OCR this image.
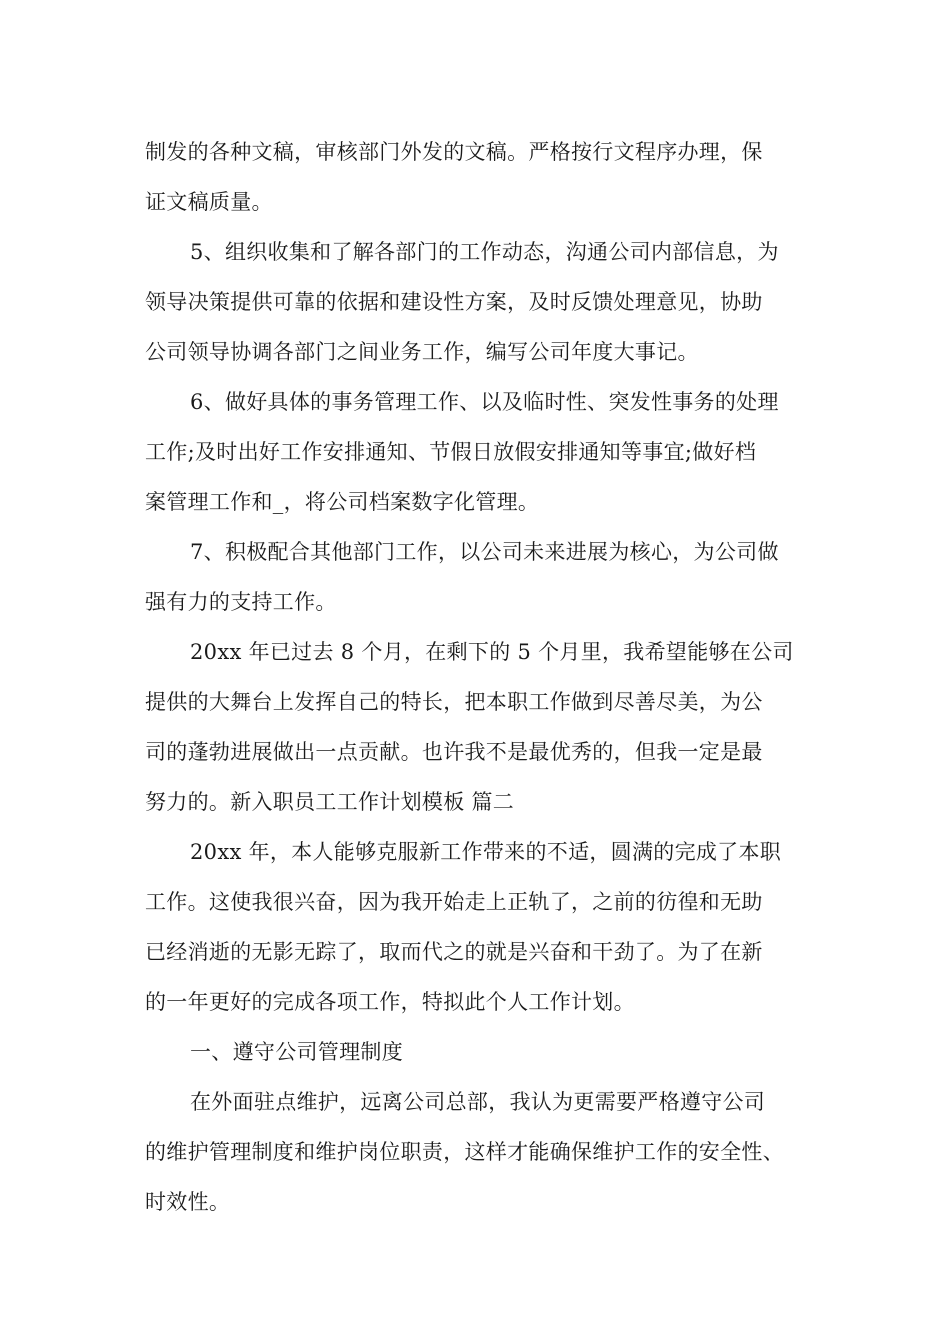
制发的各种文稿，审核部门外发的文稿。严格按行文程序办理，保
证文稿质量。
5、组织收集和了解各部门的工作动态，沟通公司内部信息，为
领导决策提供可靠的依据和建设性方案，及时反馈处理意见，协助
公司领导协调各部门之间业务工作，编写公司年度大事记。
6、做好具体的事务管理工作、以及临时性、突发性事务的处理
工作;及时出好工作安排通知、节假日放假安排通知等事宜;做好档
案管理工作和_，将公司档案数字化管理。
7、积极配合其他部门工作，以公司未来进展为核心，为公司做
强有力的支持工作。
20xx 年已过去 8 个月，在剩下的 5 个月里，我希望能够在公司
提供的大舞台上发挥自己的特长，把本职工作做到尽善尽美，为公
司的蓬勃进展做出一点贡献。也许我不是最优秀的，但我一定是最
努力的。新入职员工工作计划模板 篇二
20xx 年，本人能够克服新工作带来的不适，圆满的完成了本职
工作。这使我很兴奋，因为我开始走上正轨了，之前的彷徨和无助
已经消逝的无影无踪了，取而代之的就是兴奋和干劲了。为了在新
的一年更好的完成各项工作，特拟此个人工作计划。
一、遵守公司管理制度
在外面驻点维护，远离公司总部，我认为更需要严格遵守公司
的维护管理制度和维护岗位职责，这样才能确保维护工作的安全性、
时效性。
